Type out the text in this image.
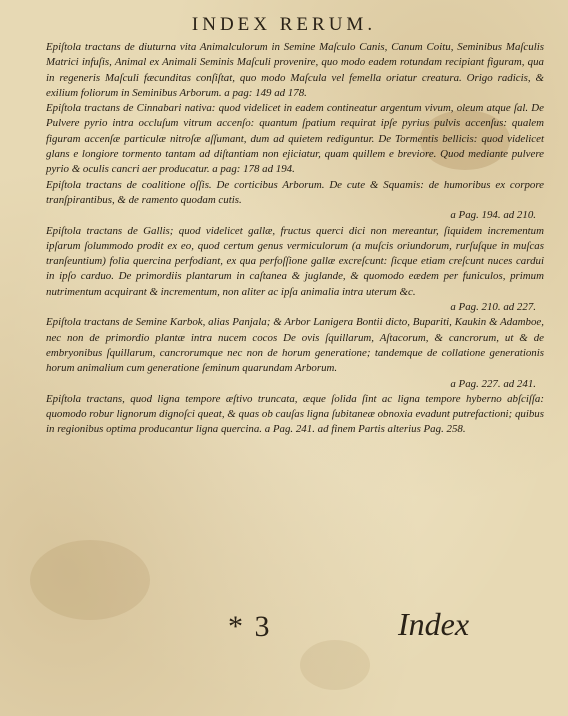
INDEX RERUM.

Epiſtola tractans de diuturna vita Animalculorum in Semine Maſculo Canis, Canum Coitu, Seminibus Maſculis Matrici infuſis, Animal ex Animali Seminis Maſculi provenire, quo modo eadem rotundam recipiant figuram, qua in regeneris Maſculi fæcunditas conſiſtat, quo modo Maſcula vel femella oriatur creatura. Origo radicis, & exilium foliorum in Seminibus Arborum. a pag: 149 ad 178.

Epiſtola tractans de Cinnabari nativa: quod videlicet in eadem contineatur argentum vivum, oleum atque ſal. De Pulvere pyrio intra occluſum vitrum accenſo: quantum ſpatium requirat ipſe pyrius pulvis accenſus: qualem figuram accenſæ particulæ nitroſæ aſſumant, dum ad quietem rediguntur. De Tormentis bellicis: quod videlicet glans e longiore tormento tantam ad diſtantiam non ejiciatur, quam quillem e breviore. Quod mediante pulvere pyrio & oculis cancri aer producatur. a pag: 178 ad 194.

Epiſtola tractans de coalitione oſſis. De corticibus Arborum. De cute & Squamis: de humoribus ex corpore tranſpirantibus, & de ramento quodam cutis.
a Pag. 194. ad 210.

Epiſtola tractans de Gallis; quod videlicet gallæ, fructus querci dici non mereantur, ſiquidem incrementum ipſarum ſolummodo prodit ex eo, quod certum genus vermiculorum (a muſcis oriundorum, rurſuſque in muſcas tranſeuntium) folia quercina perfodiant, ex qua perfoſſione gallæ excreſcunt: ſicque etiam creſcunt nuces cardui in ipſo carduo. De primordiis plantarum in caſtanea & juglande, & quomodo eædem per funiculos, primum nutrimentum acquirant & incrementum, non aliter ac ipſa animalia intra uterum &c.
a Pag. 210. ad 227.

Epiſtola tractans de Semine Karbok, alias Panjala; & Arbor Lanigera Bontii dicto, Bupariti, Kaukin & Adamboe, nec non de primordio plantæ intra nucem cocos De ovis ſquillarum, Aſtacorum, & cancrorum, ut & de embryonibus ſquillarum, cancrorumque nec non de horum generatione; tandemque de collatione generationis horum animalium cum generatione ſeminum quarundam Arborum.
a Pag. 227. ad 241.

Epiſtola tractans, quod ligna tempore æſtivo truncata, æque ſolida ſint ac ligna tempore hyberno abſciſſa: quomodo robur lignorum dignoſci queat, & quas ob cauſas ligna ſubitaneæ obnoxia evadunt putrefactioni; quibus in regionibus optima producantur ligna quercina. a Pag. 241. ad finem Partis alterius Pag. 258.

* 3	Index
